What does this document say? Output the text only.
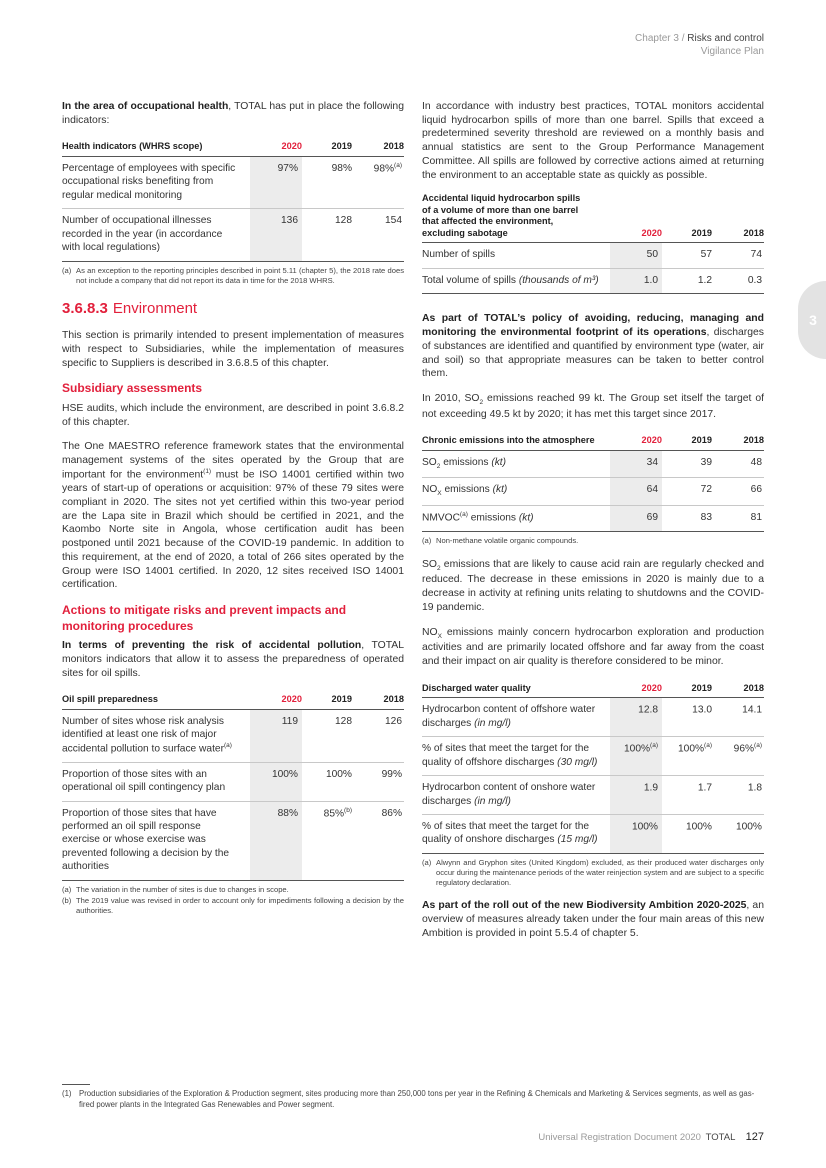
Chapter 3 / Risks and control
Vigilance Plan
3

In the area of occupational health, TOTAL has put in place the following indicators:

Health indicators (WHRS scope)	2020	2019	2018
Percentage of employees with specific occupational risks benefiting from regular medical monitoring	97%	98%	98%$^{(a)}$
Number of occupational illnesses recorded in the year (in accordance with local regulations)	136	128	154
(a) As an exception to the reporting principles described in point 5.11 (chapter 5), the 2018 rate does not include a company that did not report its data in time for the 2018 WHRS.
3.6.8.3 Environment

This section is primarily intended to present implementation of measures with respect to Subsidiaries, while the implementation of measures specific to Suppliers is described in 3.6.8.5 of this chapter.

Subsidiary assessments

HSE audits, which include the environment, are described in point 3.6.8.2 of this chapter.

The One MAESTRO reference framework states that the environmental management systems of the sites operated by the Group that are important for the environment$^{(1)}$ must be ISO 14001 certified within two years of start-up of operations or acquisition: 97% of these 79 sites were compliant in 2020. The sites not yet certified within this two-year period are the Lapa site in Brazil which should be certified in 2021, and the Kaombo Norte site in Angola, whose certification audit has been postponed until 2021 because of the COVID-19 pandemic. In addition to this requirement, at the end of 2020, a total of 266 sites operated by the Group were ISO 14001 certified. In 2020, 12 sites received ISO 14001 certification.

Actions to mitigate risks and prevent impacts and monitoring procedures

In terms of preventing the risk of accidental pollution, TOTAL monitors indicators that allow it to assess the preparedness of operated sites for oil spills.

Oil spill preparedness	2020	2019	2018
Number of sites whose risk analysis identified at least one risk of major accidental pollution to surface water$^{(a)}$	119	128	126
Proportion of those sites with an operational oil spill contingency plan	100%	100%	99%
Proportion of those sites that have performed an oil spill response exercise or whose exercise was prevented following a decision by the authorities	88%	85%$^{(b)}$	86%
(a) The variation in the number of sites is due to changes in scope.
(b) The 2019 value was revised in order to account only for impediments following a decision by the authorities.

In accordance with industry best practices, TOTAL monitors accidental liquid hydrocarbon spills of more than one barrel. Spills that exceed a predetermined severity threshold are reviewed on a monthly basis and annual statistics are sent to the Group Performance Management Committee. All spills are followed by corrective actions aimed at returning the environment to an acceptable state as quickly as possible.

Accidental liquid hydrocarbon spills of a volume of more than one barrel that affected the environment, excluding sabotage	2020	2019	2018
Number of spills	50	57	74
Total volume of spills (thousands of m³)	1.0	1.2	0.3

As part of TOTAL’s policy of avoiding, reducing, managing and monitoring the environmental footprint of its operations, discharges of substances are identified and quantified by environment type (water, air and soil) so that appropriate measures can be taken to better control them.

In 2010, $SO_2$ emissions reached 99 kt. The Group set itself the target of not exceeding 49.5 kt by 2020; it has met this target since 2017.

Chronic emissions into the atmosphere	2020	2019	2018
$SO_2$ emissions (kt)	34	39	48
$NO_X$ emissions (kt)	64	72	66
NMVOC$^{(a)}$ emissions (kt)	69	83	81
(a) Non-methane volatile organic compounds.

$SO_2$ emissions that are likely to cause acid rain are regularly checked and reduced. The decrease in these emissions in 2020 is mainly due to a decrease in activity at refining units relating to shutdowns and the COVID-19 pandemic.

$NO_X$ emissions mainly concern hydrocarbon exploration and production activities and are primarily located offshore and far away from the coast and their impact on air quality is therefore considered to be minor.

Discharged water quality	2020	2019	2018
Hydrocarbon content of offshore water discharges (in mg/l)	12.8	13.0	14.1
% of sites that meet the target for the quality of offshore discharges (30 mg/l)	100%$^{(a)}$	100%$^{(a)}$	96%$^{(a)}$
Hydrocarbon content of onshore water discharges (in mg/l)	1.9	1.7	1.8
% of sites that meet the target for the quality of onshore discharges (15 mg/l)	100%	100%	100%
(a) Alwynn and Gryphon sites (United Kingdom) excluded, as their produced water discharges only occur during the maintenance periods of the water reinjection system and are subject to a specific regulatory declaration.

As part of the roll out of the new Biodiversity Ambition 2020-2025, an overview of measures already taken under the four main areas of this new Ambition is provided in point 5.5.4 of chapter 5.

(1) Production subsidiaries of the Exploration & Production segment, sites producing more than 250,000 tons per year in the Refining & Chemicals and Marketing & Services segments, as well as gas-fired power plants in the Integrated Gas Renewables and Power segment.
Universal Registration Document 2020 TOTAL 127
